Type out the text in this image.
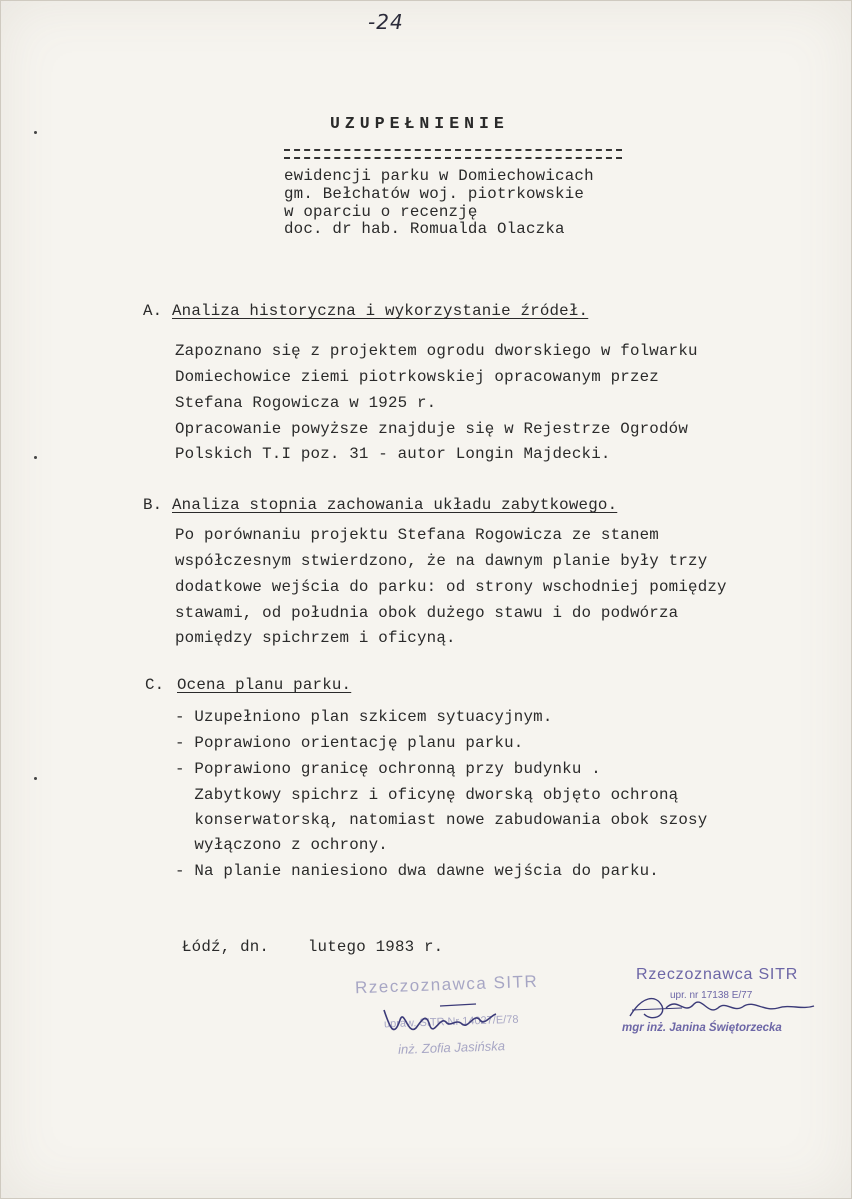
-24
UZUPEŁNIENIE
ewidencji parku w Domiechowicach
gm. Bełchatów woj. piotrkowskie
w oparciu o recenzję
doc. dr hab. Romualda Olaczka
A. Analiza historyczna i wykorzystanie źródeł.
Zapoznano się z projektem ogrodu dworskiego w folwarku
Domiechowice ziemi piotrkowskiej opracowanym przez
Stefana Rogowicza w 1925 r.
Opracowanie powyższe znajduje się w Rejestrze Ogrodów
Polskich T.I poz. 31 - autor Longin Majdecki.
B. Analiza stopnia zachowania układu zabytkowego.
Po porównaniu projektu Stefana Rogowicza ze stanem
współczesnym stwierdzono, że na dawnym planie były trzy
dodatkowe wejścia do parku: od strony wschodniej pomiędzy
stawami, od południa obok dużego stawu i do podwórza
pomiędzy spichrzem i oficyną.
C. Ocena planu parku.
- Uzupełniono plan szkicem sytuacyjnym.
- Poprawiono orientację planu parku.
- Poprawiono granicę ochronną przy budynku .
Zabytkowy spichrz i oficynę dworską objęto ochroną
konserwatorską, natomiast nowe zabudowania obok szosy
wyłączono z ochrony.
- Na planie naniesiono dwa dawne wejścia do parku.
Łódź, dn.    lutego 1983 r.
Rzeczoznawca SITR
upraw. SITR Nr 14027/E/78
inż. Zofia Jasińska
Rzeczoznawca SITR
upr. nr 17138 E/77
mgr inż. Janina Świętorzecka
